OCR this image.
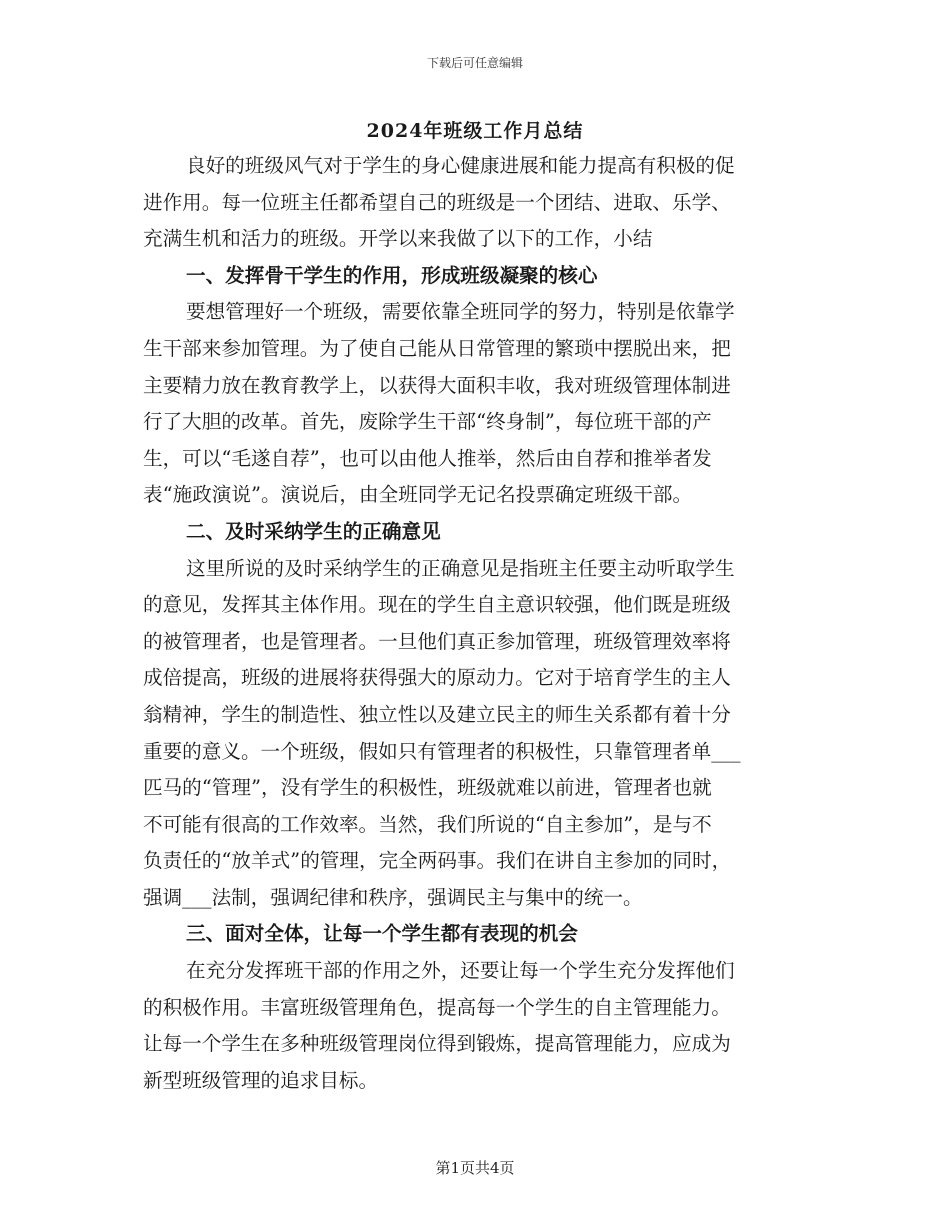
下载后可任意编辑
2024年班级工作月总结
良好的班级风气对于学生的身心健康进展和能力提高有积极的促
进作用。每一位班主任都希望自己的班级是一个团结、进取、乐学、
充满生机和活力的班级。开学以来我做了以下的工作，小结
一、发挥骨干学生的作用，形成班级凝聚的核心
要想管理好一个班级，需要依靠全班同学的努力，特别是依靠学
生干部来参加管理。为了使自己能从日常管理的繁琐中摆脱出来，把
主要精力放在教育教学上，以获得大面积丰收，我对班级管理体制进
行了大胆的改革。首先，废除学生干部“终身制”，每位班干部的产
生，可以“毛遂自荐”，也可以由他人推举，然后由自荐和推举者发
表“施政演说”。演说后，由全班同学无记名投票确定班级干部。
二、及时采纳学生的正确意见
这里所说的及时采纳学生的正确意见是指班主任要主动听取学生
的意见，发挥其主体作用。现在的学生自主意识较强，他们既是班级
的被管理者，也是管理者。一旦他们真正参加管理，班级管理效率将
成倍提高，班级的进展将获得强大的原动力。它对于培育学生的主人
翁精神，学生的制造性、独立性以及建立民主的师生关系都有着十分
重要的意义。一个班级，假如只有管理者的积极性，只靠管理者单___
匹马的“管理”，没有学生的积极性，班级就难以前进，管理者也就
不可能有很高的工作效率。当然，我们所说的“自主参加”，是与不
负责任的“放羊式”的管理，完全两码事。我们在讲自主参加的同时，
强调___法制，强调纪律和秩序，强调民主与集中的统一。
三、面对全体，让每一个学生都有表现的机会
在充分发挥班干部的作用之外，还要让每一个学生充分发挥他们
的积极作用。丰富班级管理角色，提高每一个学生的自主管理能力。
让每一个学生在多种班级管理岗位得到锻炼，提高管理能力，应成为
新型班级管理的追求目标。
第1页共4页
